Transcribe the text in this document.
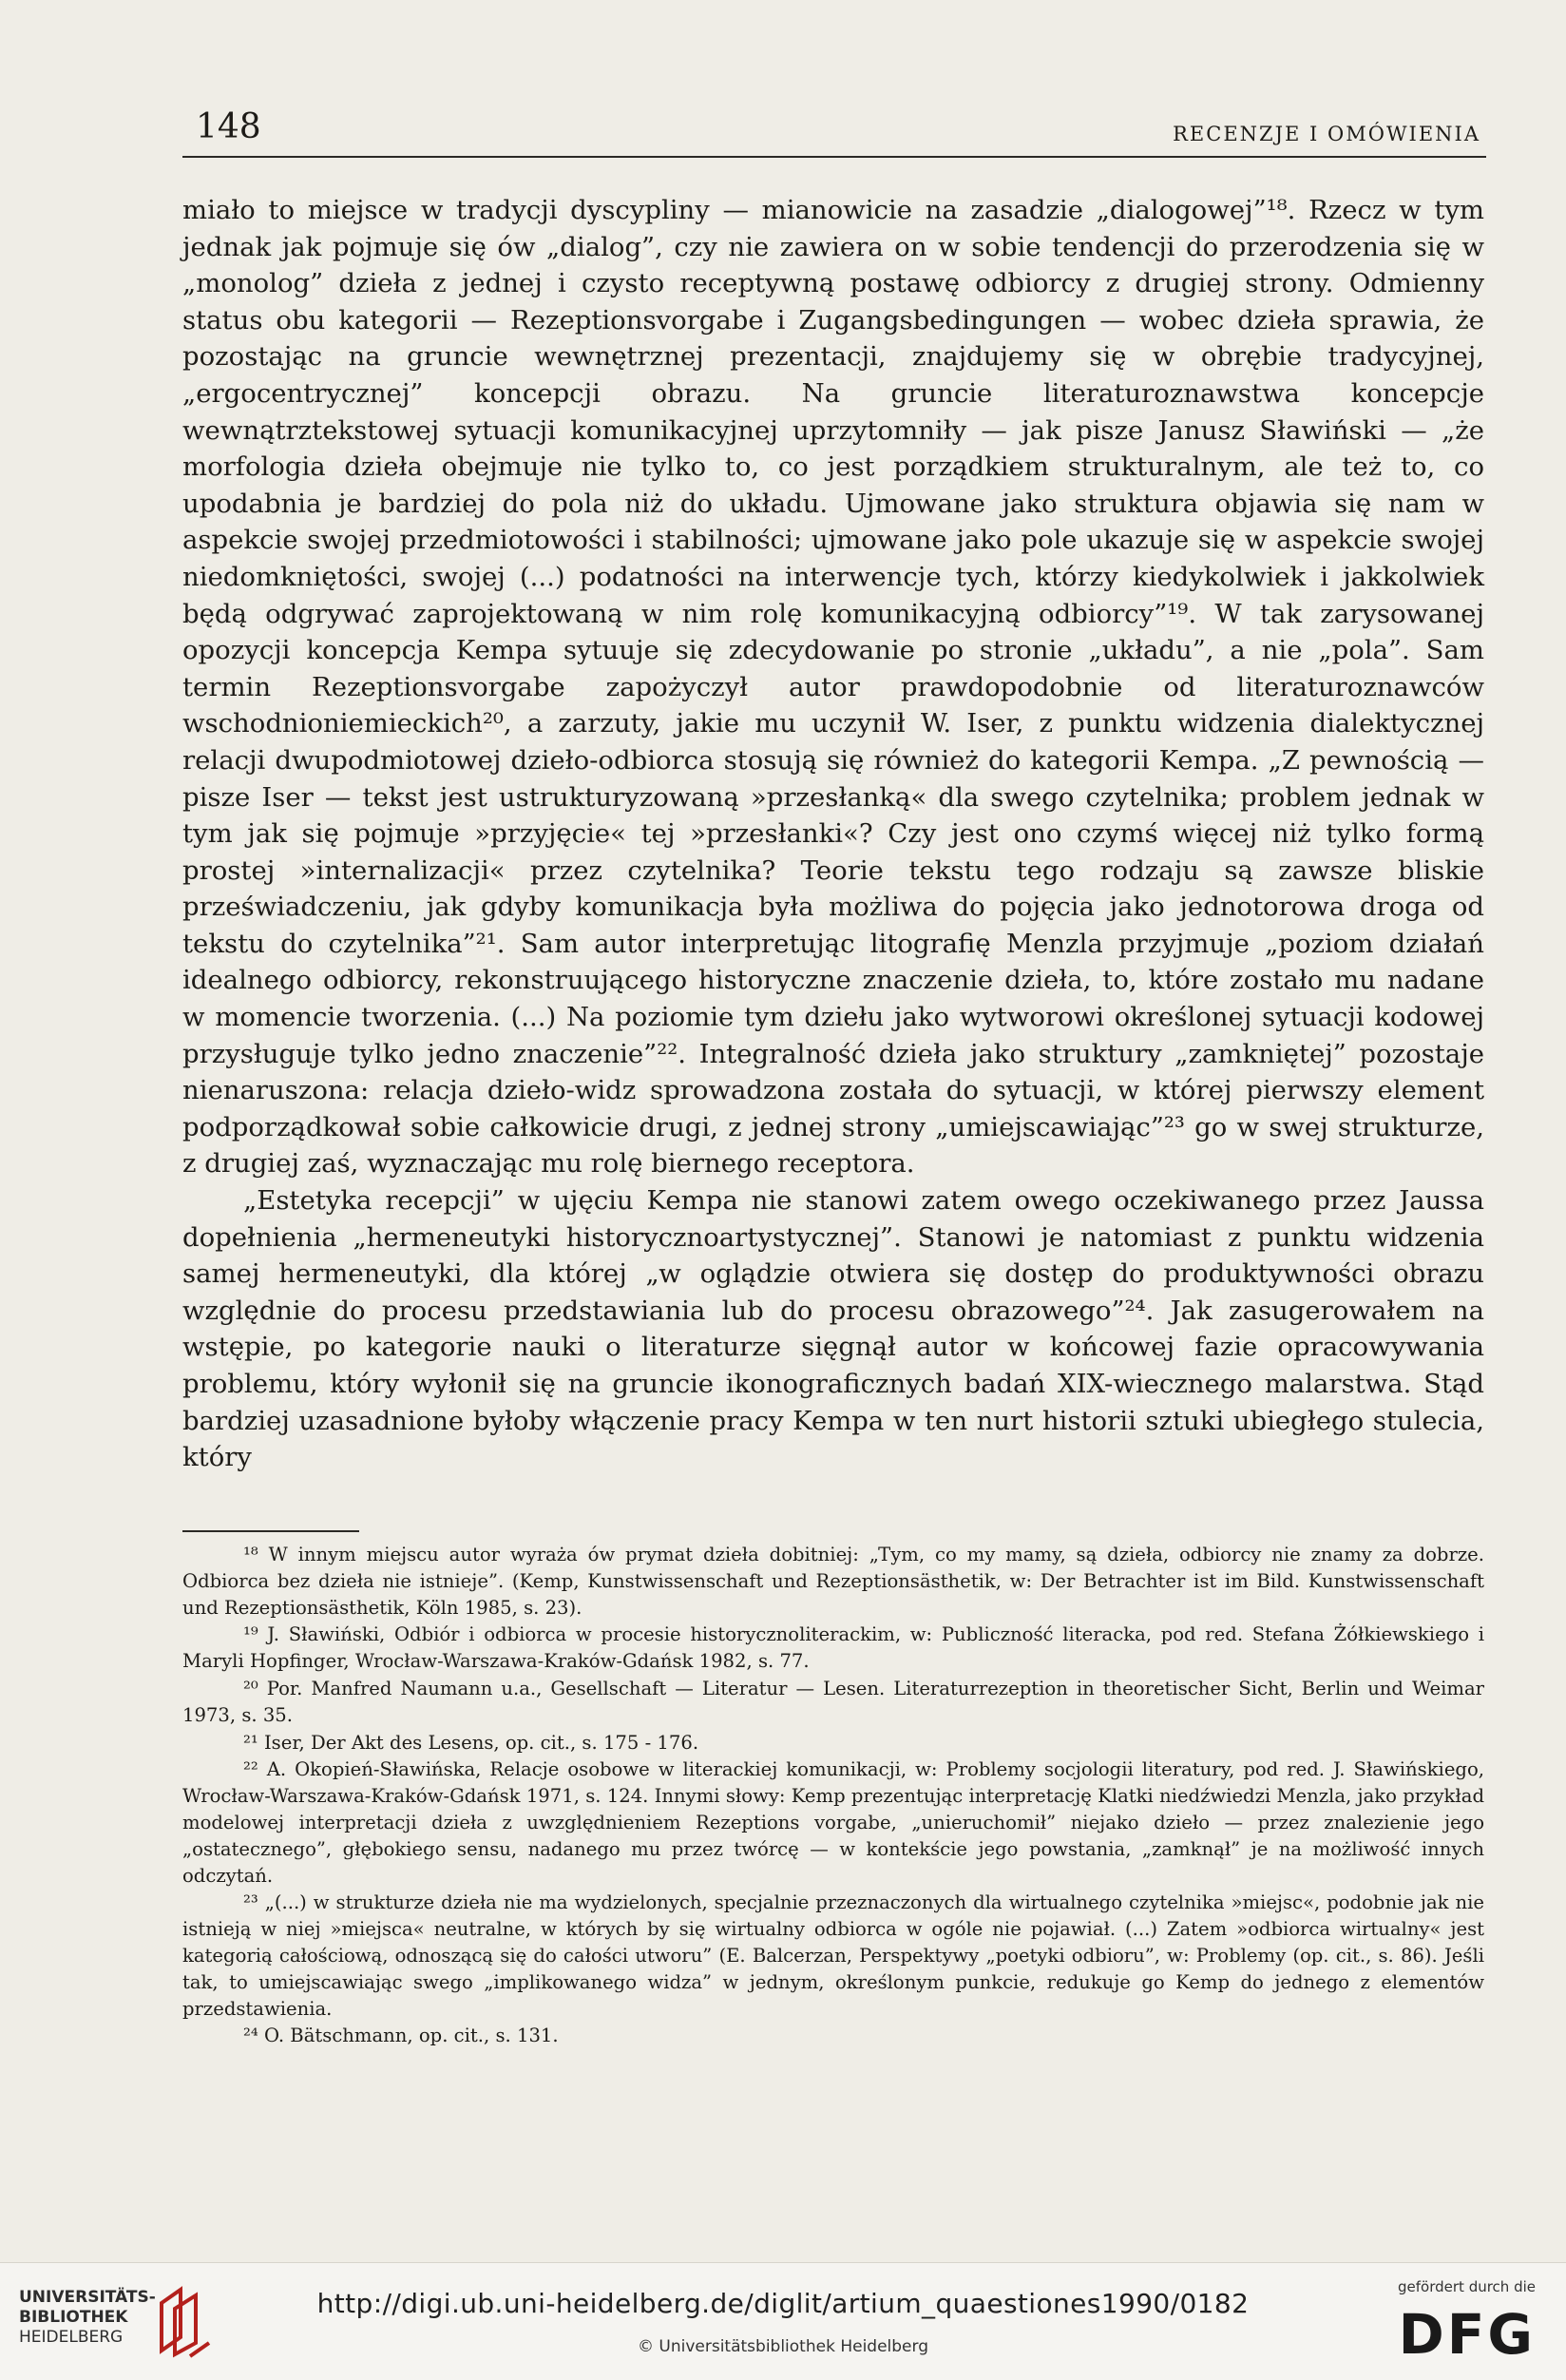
148	RECENZJE I OMÓWIENIA

miało to miejsce w tradycji dyscypliny — mianowicie na zasadzie „dialogowej”¹⁸. Rzecz w tym jednak jak pojmuje się ów „dialog”, czy nie zawiera on w sobie tendencji do przerodzenia się w „monolog” dzieła z jednej i czysto receptywną postawę odbiorcy z drugiej strony. Odmienny status obu kategorii — Rezeptionsvorgabe i Zugangsbedingungen — wobec dzieła sprawia, że pozostając na gruncie wewnętrznej prezentacji, znajdujemy się w obrębie tradycyjnej, „ergocentrycznej” koncepcji obrazu. Na gruncie literaturoznawstwa koncepcje wewnątrztekstowej sytuacji komunikacyjnej uprzytomniły — jak pisze Janusz Sławiński — „że morfologia dzieła obejmuje nie tylko to, co jest porządkiem strukturalnym, ale też to, co upodabnia je bardziej do pola niż do układu. Ujmowane jako struktura objawia się nam w aspekcie swojej przedmiotowości i stabilności; ujmowane jako pole ukazuje się w aspekcie swojej niedomkniętości, swojej (...) podatności na interwencje tych, którzy kiedykolwiek i jakkolwiek będą odgrywać zaprojektowaną w nim rolę komunikacyjną odbiorcy”¹⁹. W tak zarysowanej opozycji koncepcja Kempa sytuuje się zdecydowanie po stronie „układu”, a nie „pola”. Sam termin Rezeptionsvorgabe zapożyczył autor prawdopodobnie od literaturoznawców wschodnioniemieckich²⁰, a zarzuty, jakie mu uczynił W. Iser, z punktu widzenia dialektycznej relacji dwupodmiotowej dzieło-odbiorca stosują się również do kategorii Kempa. „Z pewnością — pisze Iser — tekst jest ustrukturyzowaną »przesłanką« dla swego czytelnika; problem jednak w tym jak się pojmuje »przyjęcie« tej »przesłanki«? Czy jest ono czymś więcej niż tylko formą prostej »internalizacji« przez czytelnika? Teorie tekstu tego rodzaju są zawsze bliskie przeświadczeniu, jak gdyby komunikacja była możliwa do pojęcia jako jednotorowa droga od tekstu do czytelnika”²¹. Sam autor interpretując litografię Menzla przyjmuje „poziom działań idealnego odbiorcy, rekonstruującego historyczne znaczenie dzieła, to, które zostało mu nadane w momencie tworzenia. (...) Na poziomie tym dziełu jako wytworowi określonej sytuacji kodowej przysługuje tylko jedno znaczenie”²². Integralność dzieła jako struktury „zamkniętej” pozostaje nienaruszona: relacja dzieło-widz sprowadzona została do sytuacji, w której pierwszy element podporządkował sobie całkowicie drugi, z jednej strony „umiejscawiając”²³ go w swej strukturze, z drugiej zaś, wyznaczając mu rolę biernego receptora.

„Estetyka recepcji” w ujęciu Kempa nie stanowi zatem owego oczekiwanego przez Jaussa dopełnienia „hermeneutyki historycznoartystycznej”. Stanowi je natomiast z punktu widzenia samej hermeneutyki, dla której „w oglądzie otwiera się dostęp do produktywności obrazu względnie do procesu przedstawiania lub do procesu obrazowego”²⁴. Jak zasugerowałem na wstępie, po kategorie nauki o literaturze sięgnął autor w końcowej fazie opracowywania problemu, który wyłonił się na gruncie ikonograficznych badań XIX-wiecznego malarstwa. Stąd bardziej uzasadnione byłoby włączenie pracy Kempa w ten nurt historii sztuki ubiegłego stulecia, który

¹⁸ W innym miejscu autor wyraża ów prymat dzieła dobitniej: „Tym, co my mamy, są dzieła, odbiorcy nie znamy za dobrze. Odbiorca bez dzieła nie istnieje”. (Kemp, Kunstwissenschaft und Rezeptionsästhetik, w: Der Betrachter ist im Bild. Kunstwissenschaft und Rezeptionsästhetik, Köln 1985, s. 23).

¹⁹ J. Sławiński, Odbiór i odbiorca w procesie historycznoliterackim, w: Publiczność literacka, pod red. Stefana Żółkiewskiego i Maryli Hopfinger, Wrocław-Warszawa-Kraków-Gdańsk 1982, s. 77.

²⁰ Por. Manfred Naumann u.a., Gesellschaft — Literatur — Lesen. Literaturrezeption in theoretischer Sicht, Berlin und Weimar 1973, s. 35.

²¹ Iser, Der Akt des Lesens, op. cit., s. 175 - 176.

²² A. Okopień-Sławińska, Relacje osobowe w literackiej komunikacji, w: Problemy socjologii literatury, pod red. J. Sławińskiego, Wrocław-Warszawa-Kraków-Gdańsk 1971, s. 124. Innymi słowy: Kemp prezentując interpretację Klatki niedźwiedzi Menzla, jako przykład modelowej interpretacji dzieła z uwzględnieniem Rezeptions vorgabe, „unieruchomił” niejako dzieło — przez znalezienie jego „ostatecznego”, głębokiego sensu, nadanego mu przez twórcę — w kontekście jego powstania, „zamknął” je na możliwość innych odczytań.

²³ „(...) w strukturze dzieła nie ma wydzielonych, specjalnie przeznaczonych dla wirtualnego czytelnika »miejsc«, podobnie jak nie istnieją w niej »miejsca« neutralne, w których by się wirtualny odbiorca w ogóle nie pojawiał. (...) Zatem »odbiorca wirtualny« jest kategorią całościową, odnoszącą się do całości utworu” (E. Balcerzan, Perspektywy „poetyki odbioru”, w: Problemy (op. cit., s. 86). Jeśli tak, to umiejscawiając swego „implikowanego widza” w jednym, określonym punkcie, redukuje go Kemp do jednego z elementów przedstawienia.

²⁴ O. Bätschmann, op. cit., s. 131.

UNIVERSITÄTS-
BIBLIOTHEK
HEIDELBERG
http://digi.ub.uni-heidelberg.de/diglit/artium_quaestiones1990/0182
© Universitätsbibliothek Heidelberg
gefördert durch die
DFG
